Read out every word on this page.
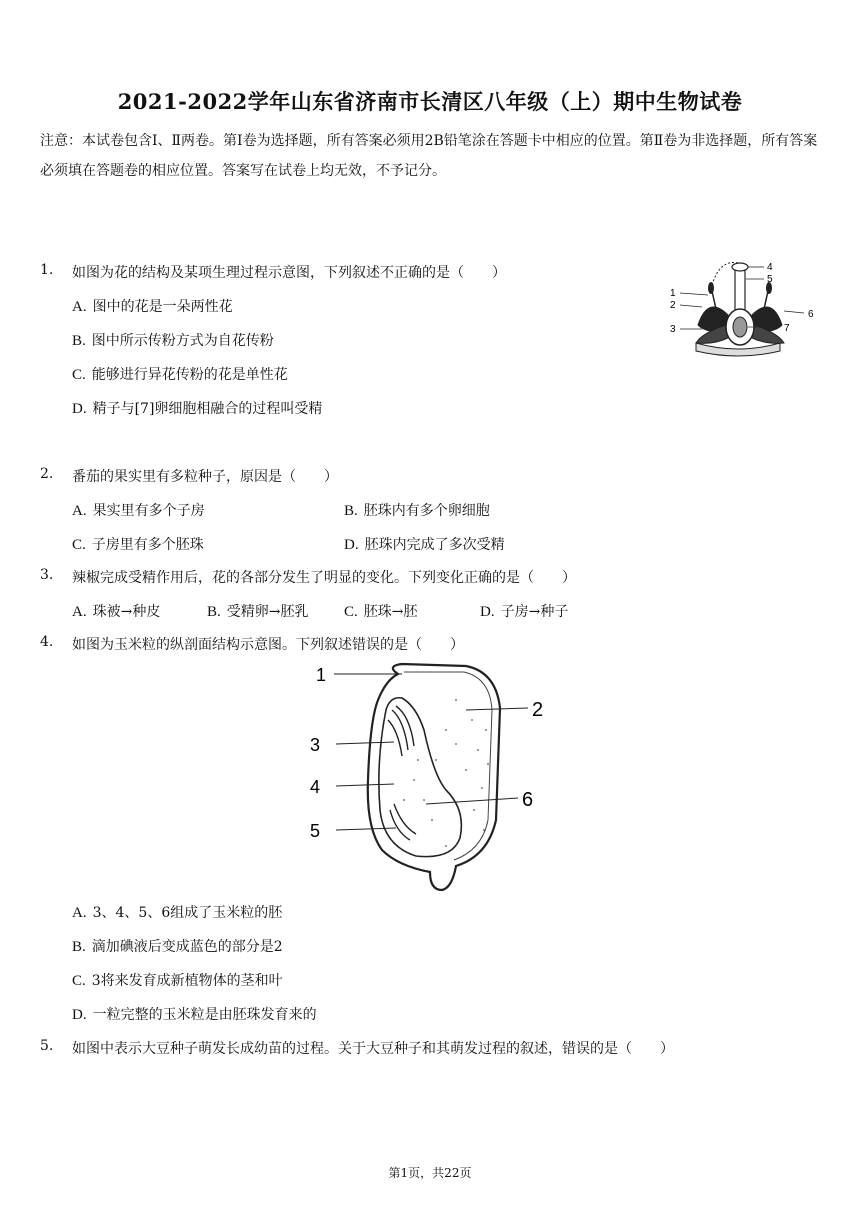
2021-2022学年山东省济南市长清区八年级（上）期中生物试卷
注意：本试卷包含Ⅰ、Ⅱ两卷。第Ⅰ卷为选择题，所有答案必须用2B铅笔涂在答题卡中相应的位置。第Ⅱ卷为非选择题，所有答案必须填在答题卷的相应位置。答案写在试卷上均无效，不予记分。
1. 如图为花的结构及某项生理过程示意图，下列叙述不正确的是（　　）
A. 图中的花是一朵两性花
B. 图中所示传粉方式为自花传粉
C. 能够进行异花传粉的花是单性花
D. 精子与[7]卵细胞相融合的过程叫受精
1
2
3
4
5
6
7
2. 番茄的果实里有多粒种子，原因是（　　）
A. 果实里有多个子房	B. 胚珠内有多个卵细胞
C. 子房里有多个胚珠	D. 胚珠内完成了多次受精
3. 辣椒完成受精作用后，花的各部分发生了明显的变化。下列变化正确的是（　　）
A. 珠被→种皮	B. 受精卵→胚乳 C. 胚珠→胚	D. 子房→种子
4. 如图为玉米粒的纵剖面结构示意图。下列叙述错误的是（　　）
1
2
3
4
5
6
A. 3、4、5、6组成了玉米粒的胚
B. 滴加碘液后变成蓝色的部分是2
C. 3将来发育成新植物体的茎和叶
D. 一粒完整的玉米粒是由胚珠发育来的
5. 如图中表示大豆种子萌发长成幼苗的过程。关于大豆种子和其萌发过程的叙述，错误的是（　　）
第1页，共22页
